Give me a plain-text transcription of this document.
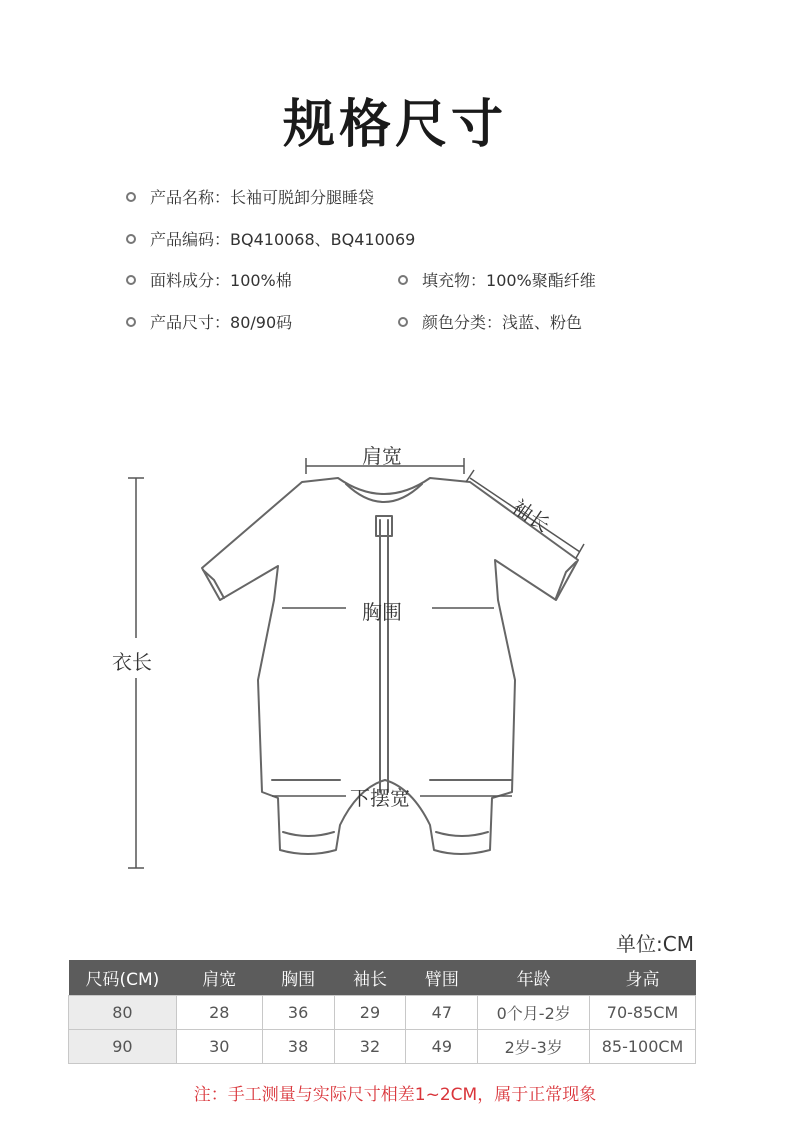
规格尺寸
产品名称： 长袖可脱卸分腿睡袋
产品编码： BQ410068、BQ410069
面料成分： 100%棉	填充物： 100%聚酯纤维
产品尺寸： 80/90码	颜色分类： 浅蓝、粉色
肩宽
袖长
胸围
衣长
下摆宽
单位:CM
尺码(CM)	肩宽	胸围	袖长	臂围	年龄	身高
80	28	36	29	47	0个月-2岁	70-85CM
90	30	38	32	49	2岁-3岁	85-100CM
注：手工测量与实际尺寸相差1~2CM，属于正常现象
